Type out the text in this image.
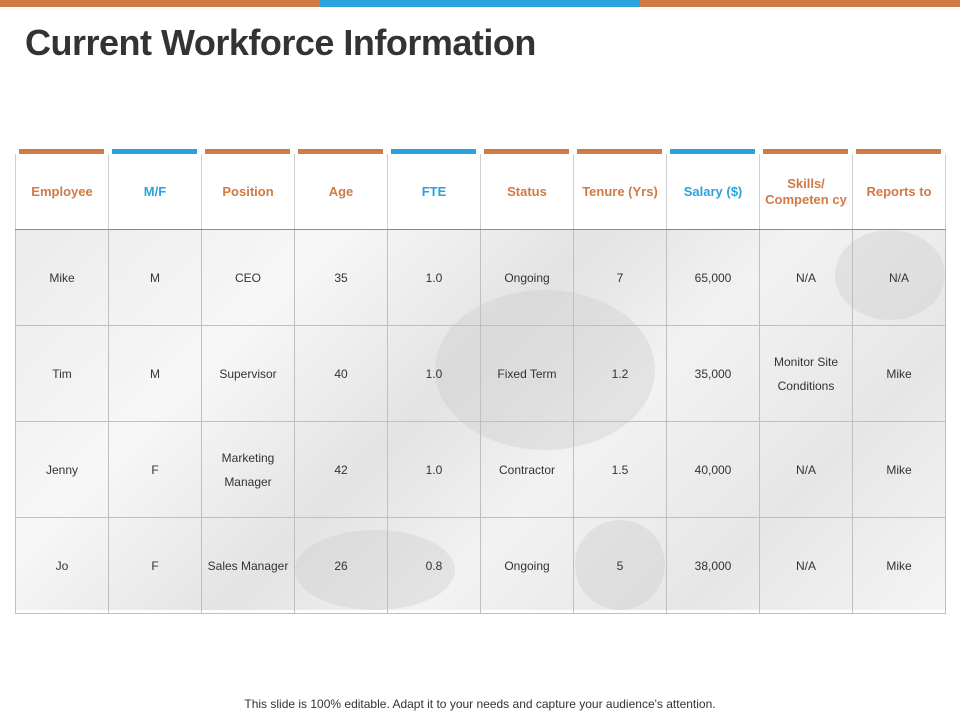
Current Workforce Information
Employee	M/F	Position	Age	FTE	Status	Tenure (Yrs)	Salary ($)	Skills/ Competen cy	Reports to
Mike	M	CEO	35	1.0	Ongoing	7	65,000	N/A	N/A
Tim	M	Supervisor	40	1.0	Fixed Term	1.2	35,000	Monitor Site Conditions	Mike
Jenny	F	Marketing Manager	42	1.0	Contractor	1.5	40,000	N/A	Mike
Jo	F	Sales Manager	26	0.8	Ongoing	5	38,000	N/A	Mike
This slide is 100% editable. Adapt it to your needs and capture your audience's attention.
